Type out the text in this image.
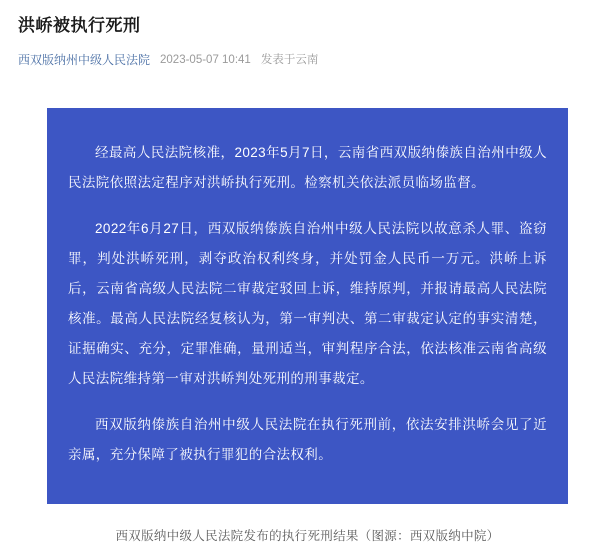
洪峤被执行死刑
西双版纳州中级人民法院 2023-05-07 10:41 发表于云南

经最高人民法院核准，2023年5月7日，云南省西双版纳傣族自治州中级人民法院依照法定程序对洪峤执行死刑。检察机关依法派员临场监督。

2022年6月27日，西双版纳傣族自治州中级人民法院以故意杀人罪、盗窃罪，判处洪峤死刑，剥夺政治权利终身，并处罚金人民币一万元。洪峤上诉后，云南省高级人民法院二审裁定驳回上诉，维持原判，并报请最高人民法院核准。最高人民法院经复核认为，第一审判决、第二审裁定认定的事实清楚，证据确实、充分，定罪准确，量刑适当，审判程序合法，依法核准云南省高级人民法院维持第一审对洪峤判处死刑的刑事裁定。

西双版纳傣族自治州中级人民法院在执行死刑前，依法安排洪峤会见了近亲属，充分保障了被执行罪犯的合法权利。

西双版纳中级人民法院发布的执行死刑结果（图源：西双版纳中院）
